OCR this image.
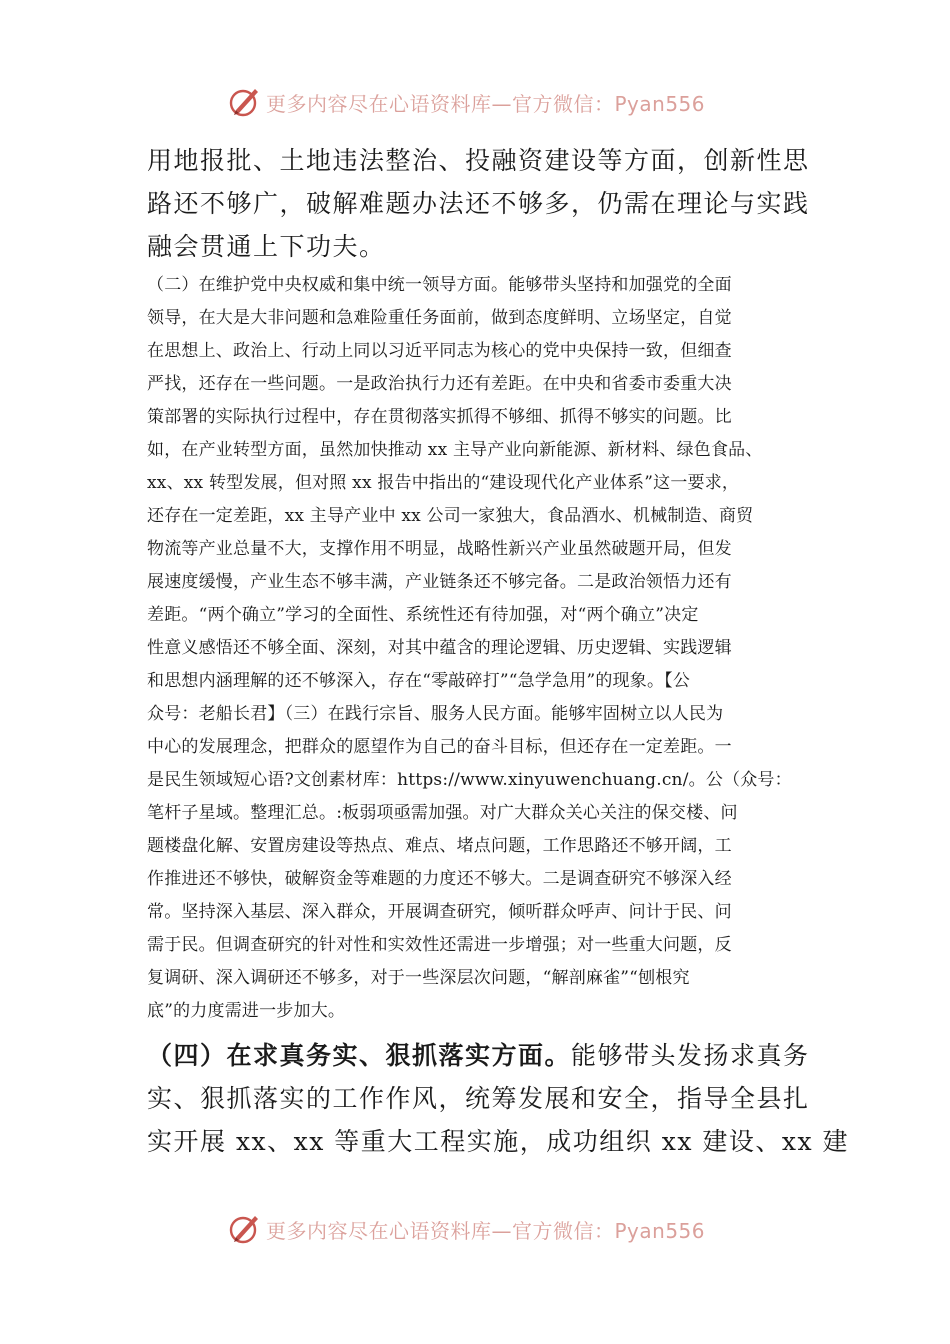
更多内容尽在心语资料库—官方微信：Pyan556
用地报批、土地违法整治、投融资建设等方面，创新性思
路还不够广，破解难题办法还不够多，仍需在理论与实践
融会贯通上下功夫。
（二）在维护党中央权威和集中统一领导方面。能够带头坚持和加强党的全面
领导，在大是大非问题和急难险重任务面前，做到态度鲜明、立场坚定，自觉
在思想上、政治上、行动上同以习近平同志为核心的党中央保持一致，但细查
严找，还存在一些问题。一是政治执行力还有差距。在中央和省委市委重大决
策部署的实际执行过程中，存在贯彻落实抓得不够细、抓得不够实的问题。比
如，在产业转型方面，虽然加快推动 xx 主导产业向新能源、新材料、绿色食品、
xx、xx 转型发展，但对照 xx 报告中指出的“建设现代化产业体系”这一要求，
还存在一定差距，xx 主导产业中 xx 公司一家独大，食品酒水、机械制造、商贸
物流等产业总量不大，支撑作用不明显，战略性新兴产业虽然破题开局，但发
展速度缓慢，产业生态不够丰满，产业链条还不够完备。二是政治领悟力还有
差距。“两个确立”学习的全面性、系统性还有待加强，对“两个确立”决定
性意义感悟还不够全面、深刻，对其中蕴含的理论逻辑、历史逻辑、实践逻辑
和思想内涵理解的还不够深入，存在“零敲碎打”“急学急用”的现象。【公
众号：老船长君】（三）在践行宗旨、服务人民方面。能够牢固树立以人民为
中心的发展理念，把群众的愿望作为自己的奋斗目标，但还存在一定差距。一
是民生领域短心语?文创素材库：https://www.xinyuwenchuang.cn/。公（众号：
笔杆子星域。整理汇总。:板弱项亟需加强。对广大群众关心关注的保交楼、问
题楼盘化解、安置房建设等热点、难点、堵点问题，工作思路还不够开阔，工
作推进还不够快，破解资金等难题的力度还不够大。二是调查研究不够深入经
常。坚持深入基层、深入群众，开展调查研究，倾听群众呼声、问计于民、问
需于民。但调查研究的针对性和实效性还需进一步增强；对一些重大问题，反
复调研、深入调研还不够多，对于一些深层次问题，“解剖麻雀”“刨根究
底”的力度需进一步加大。
（四）在求真务实、狠抓落实方面。能够带头发扬求真务
实、狠抓落实的工作作风，统筹发展和安全，指导全县扎
实开展 xx、xx 等重大工程实施，成功组织 xx 建设、xx 建
更多内容尽在心语资料库—官方微信：Pyan556
